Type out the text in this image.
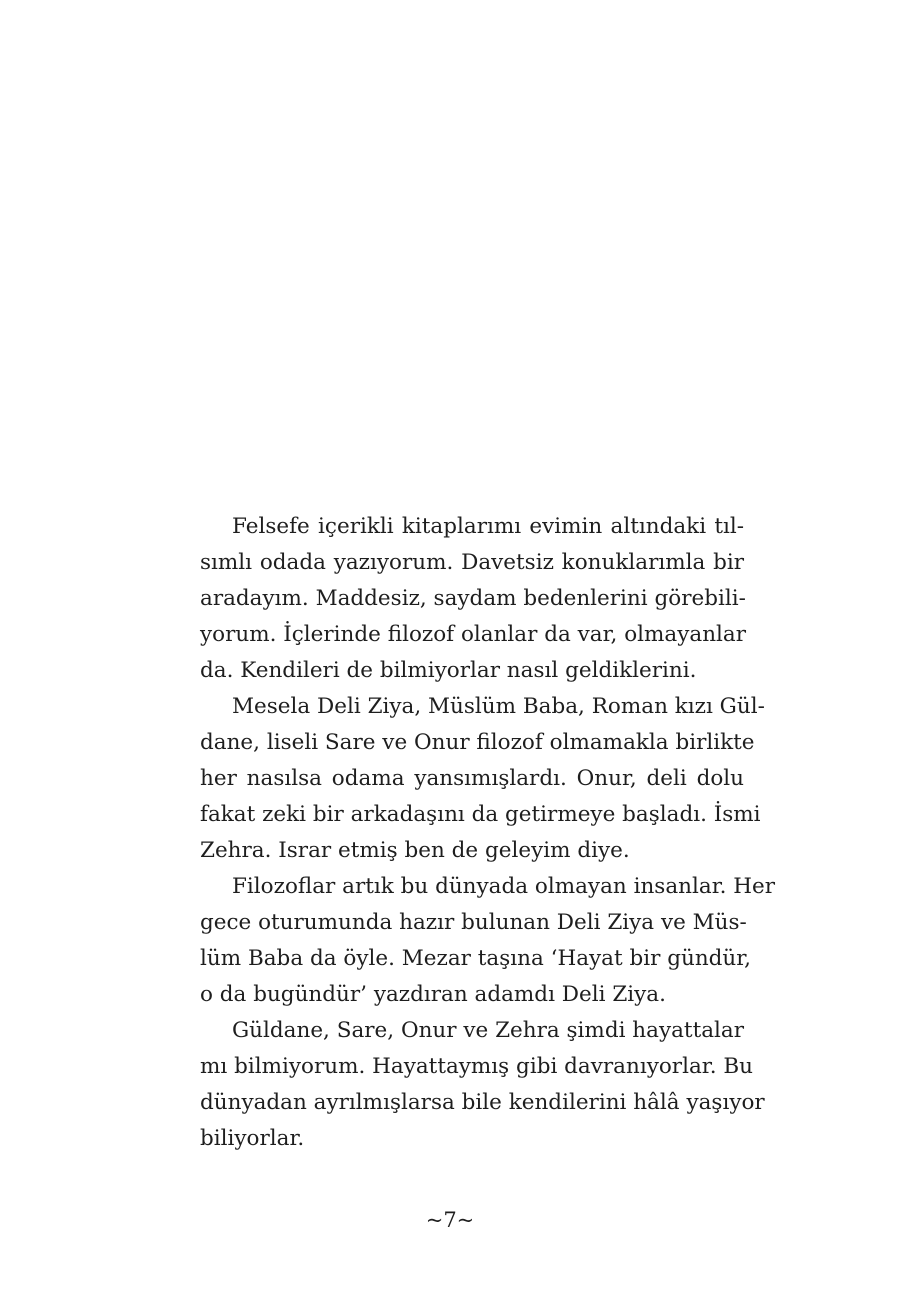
Felsefe içerikli kitaplarımı evimin altındaki tıl-
sımlı odada yazıyorum. Davetsiz konuklarımla bir
aradayım. Maddesiz, saydam bedenlerini görebili-
yorum. İçlerinde filozof olanlar da var, olmayanlar
da. Kendileri de bilmiyorlar nasıl geldiklerini.
Mesela Deli Ziya, Müslüm Baba, Roman kızı Gül-
dane, liseli Sare ve Onur filozof olmamakla birlikte
her nasılsa odama yansımışlardı. Onur, deli dolu
fakat zeki bir arkadaşını da getirmeye başladı. İsmi
Zehra. Israr etmiş ben de geleyim diye.
Filozoflar artık bu dünyada olmayan insanlar. Her
gece oturumunda hazır bulunan Deli Ziya ve Müs-
lüm Baba da öyle. Mezar taşına ‘Hayat bir gündür,
o da bugündür’ yazdıran adamdı Deli Ziya.
Güldane, Sare, Onur ve Zehra şimdi hayattalar
mı bilmiyorum. Hayattaymış gibi davranıyorlar. Bu
dünyadan ayrılmışlarsa bile kendilerini hâlâ yaşıyor
biliyorlar.
~7~
